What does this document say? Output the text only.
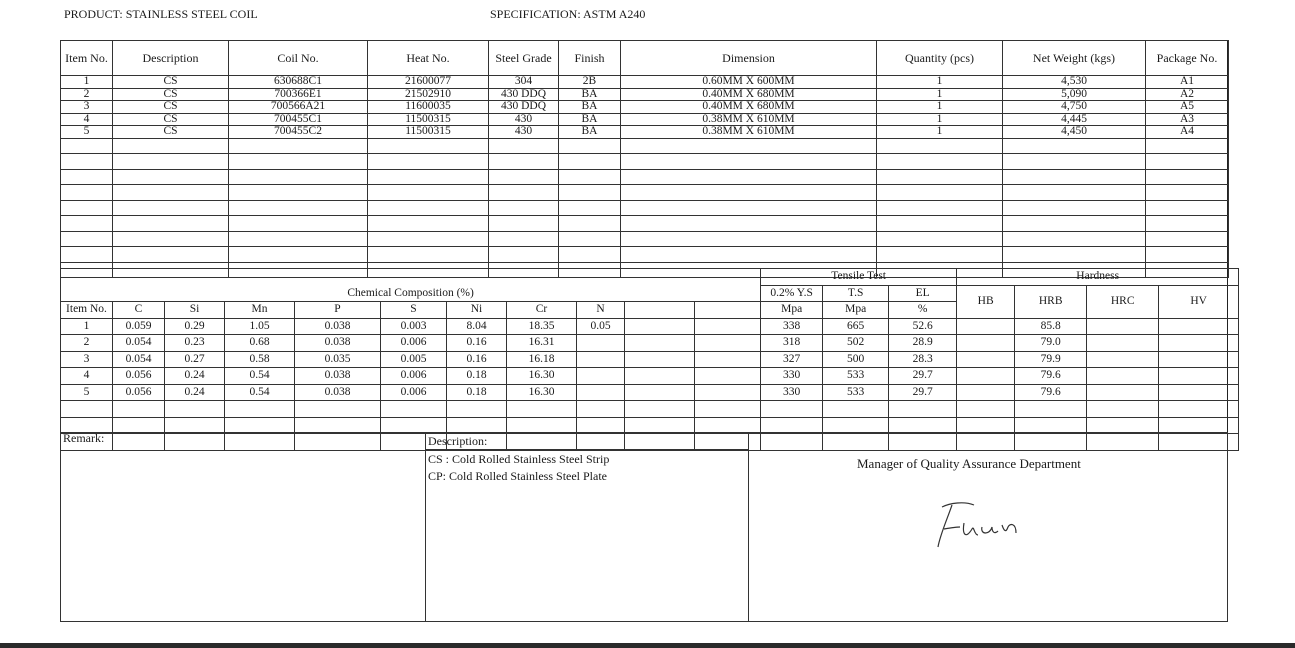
PRODUCT: STAINLESS STEEL COIL	SPECIFICATION: ASTM A240
Item No.	Description	Coil No.	Heat No.	Steel Grade	Finish	Dimension	Quantity (pcs)	Net Weight (kgs)	Package No.
1	CS	630688C1	21600077	304	2B	0.60MM X 600MM	1	4,530	A1
2	CS	700366E1	21502910	430 DDQ	BA	0.40MM X 680MM	1	5,090	A2
3	CS	700566A21	11600035	430 DDQ	BA	0.40MM X 680MM	1	4,750	A5
4	CS	700455C1	11500315	430	BA	0.38MM X 610MM	1	4,445	A3
5	CS	700455C2	11500315	430	BA	0.38MM X 610MM	1	4,450	A4

											Tensile Test			Hardness			
Chemical Composition (%)											0.2% Y.S	T.S	EL	HB	HRB	HRC	HV
Item No.	C	Si	Mn	P	S	Ni	Cr	N			Mpa	Mpa	%				
1	0.059	0.29	1.05	0.038	0.003	8.04	18.35	0.05			338	665	52.6		85.8		
2	0.054	0.23	0.68	0.038	0.006	0.16	16.31				318	502	28.9		79.0		
3	0.054	0.27	0.58	0.035	0.005	0.16	16.18				327	500	28.3		79.9		
4	0.056	0.24	0.54	0.038	0.006	0.18	16.30				330	533	29.7		79.6		
5	0.056	0.24	0.54	0.038	0.006	0.18	16.30				330	533	29.7		79.6		

Remark:	Description:
CS : Cold Rolled Stainless Steel Strip
CP: Cold Rolled Stainless Steel Plate
Manager of Quality Assurance Department
